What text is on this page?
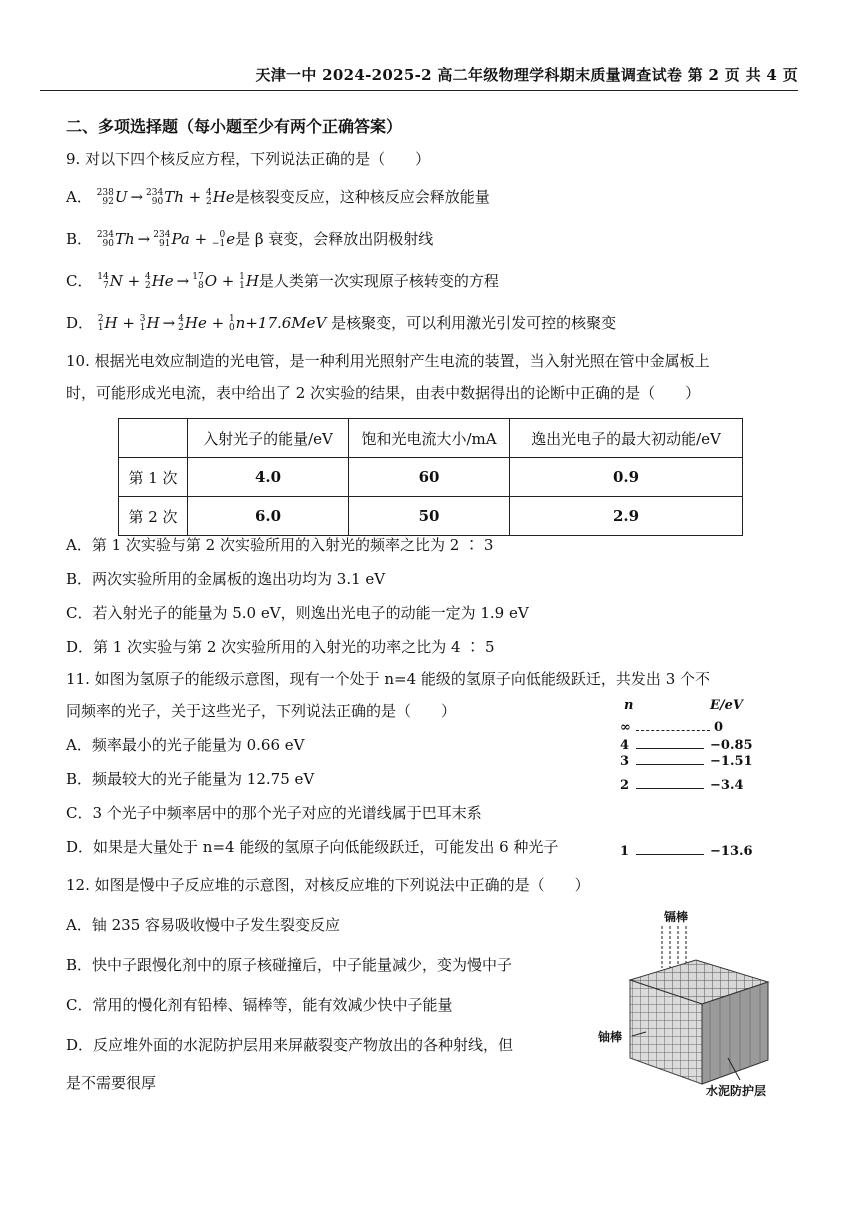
天津一中 2024-2025-2 高二年级物理学科期末质量调查试卷 第 2 页 共 4 页
二、多项选择题（每小题至少有两个正确答案）
9. 对以下四个核反应方程，下列说法正确的是（　　）
A． 238
92 U → 234
90 Th + 4
2 He是核裂变反应，这种核反应会释放能量
B． 234
90 Th → 234
91 Pa + 0
−1 e是 β 衰变，会释放出阴极射线
C． 14
7 N + 4
2 He → 17
8 O + 1
1 H是人类第一次实现原子核转变的方程
D． 2
1 H + 3
1 H → 4
2 He + 1
0 n+17.6MeV 是核聚变，可以利用激光引发可控的核聚变
10. 根据光电效应制造的光电管，是一种利用光照射产生电流的装置，当入射光照在管中金属板上
时，可能形成光电流，表中给出了 2 次实验的结果，由表中数据得出的论断中正确的是（　　）
	入射光子的能量/eV	饱和光电流大小/mA	逸出光电子的最大初动能/eV
第 1 次	4.0	60	0.9
第 2 次	6.0	50	2.9
A．第 1 次实验与第 2 次实验所用的入射光的频率之比为 2 ∶ 3
B．两次实验所用的金属板的逸出功均为 3.1 eV
C．若入射光子的能量为 5.0 eV，则逸出光电子的动能一定为 1.9 eV
D．第 1 次实验与第 2 次实验所用的入射光的功率之比为 4 ∶ 5
11. 如图为氢原子的能级示意图，现有一个处于 n=4 能级的氢原子向低能级跃迁，共发出 3 个不
同频率的光子，关于这些光子，下列说法正确的是（　　）
A．频率最小的光子能量为 0.66 eV
B．频最较大的光子能量为 12.75 eV
C．3 个光子中频率居中的那个光子对应的光谱线属于巴耳末系
D．如果是大量处于 n=4 能级的氢原子向低能级跃迁，可能发出 6 种光子
n	E/eV
∞	0
4	−0.85
3	−1.51
2	−3.4
1	−13.6
12. 如图是慢中子反应堆的示意图，对核反应堆的下列说法中正确的是（　　）
A．铀 235 容易吸收慢中子发生裂变反应
B．快中子跟慢化剂中的原子核碰撞后，中子能量减少，变为慢中子
C．常用的慢化剂有铅棒、镉棒等，能有效减少快中子能量
D．反应堆外面的水泥防护层用来屏蔽裂变产物放出的各种射线，但
是不需要很厚
镉棒
铀棒
水泥防护层
